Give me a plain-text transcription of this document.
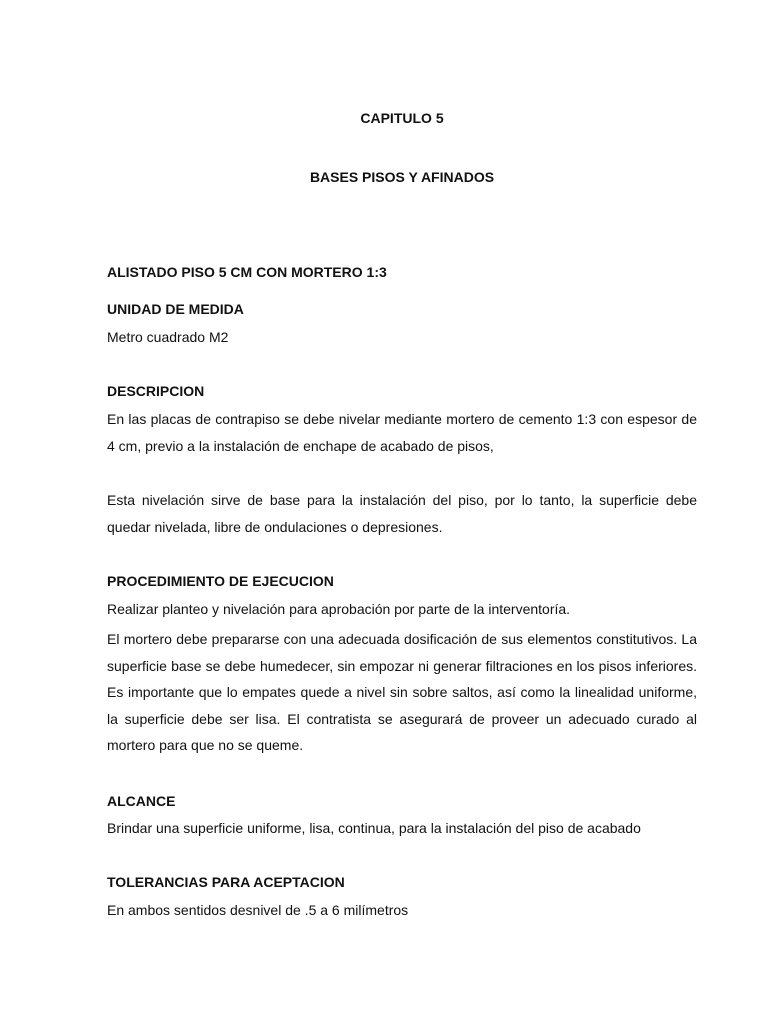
CAPITULO 5

BASES PISOS Y AFINADOS

ALISTADO PISO 5 CM CON MORTERO 1:3

UNIDAD DE MEDIDA

Metro cuadrado M2

DESCRIPCION

En las placas de contrapiso se debe nivelar mediante mortero de cemento 1:3 con espesor de 4 cm, previo a la instalación de enchape de acabado de pisos,

Esta nivelación sirve de base para la instalación del piso, por lo tanto, la superficie debe quedar nivelada, libre de ondulaciones o depresiones.

PROCEDIMIENTO DE EJECUCION

Realizar planteo y nivelación para aprobación por parte de la interventoría.

El mortero debe prepararse con una adecuada dosificación de sus elementos constitutivos. La superficie base se debe humedecer, sin empozar ni generar filtraciones en los pisos inferiores. Es importante que lo empates quede a nivel sin sobre saltos, así como la linealidad uniforme, la superficie debe ser lisa. El contratista se asegurará de proveer un adecuado curado al mortero para que no se queme.

ALCANCE

Brindar una superficie uniforme, lisa, continua, para la instalación del piso de acabado

TOLERANCIAS PARA ACEPTACION

En ambos sentidos desnivel de .5 a 6 milímetros
